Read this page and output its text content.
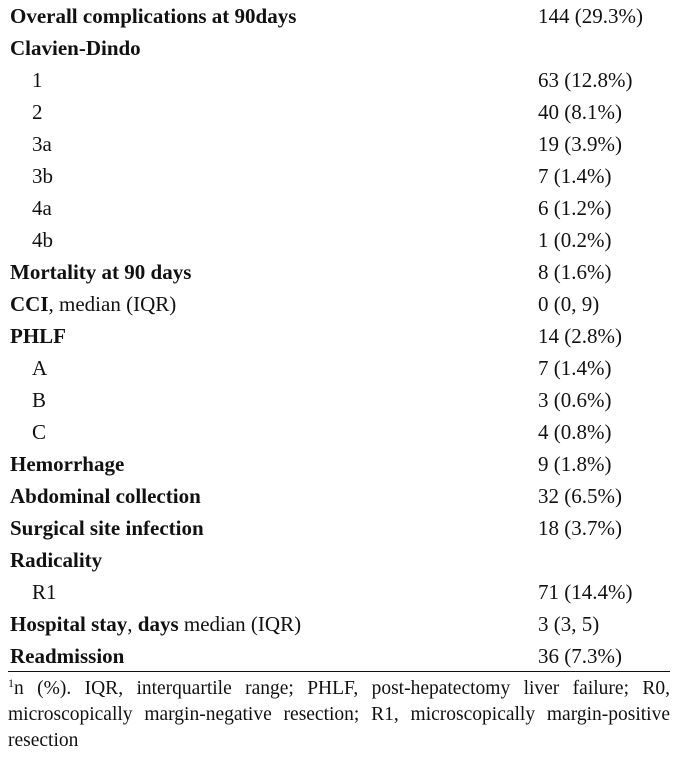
Overall complications at 90days	144 (29.3%)
Clavien-Dindo
1	63 (12.8%)
2	40 (8.1%)
3a	19 (3.9%)
3b	7 (1.4%)
4a	6 (1.2%)
4b	1 (0.2%)
Mortality at 90 days	8 (1.6%)
CCI, median (IQR)	0 (0, 9)
PHLF	14 (2.8%)
A	7 (1.4%)
B	3 (0.6%)
C	4 (0.8%)
Hemorrhage	9 (1.8%)
Abdominal collection	32 (6.5%)
Surgical site infection	18 (3.7%)
Radicality
R1	71 (14.4%)
Hospital stay, days median (IQR)	3 (3, 5)
Readmission	36 (7.3%)
$^1$n (%). IQR, interquartile range; PHLF, post-hepatectomy liver failure; R0, microscopically margin-negative resection; R1, microscopically margin-positive resection
